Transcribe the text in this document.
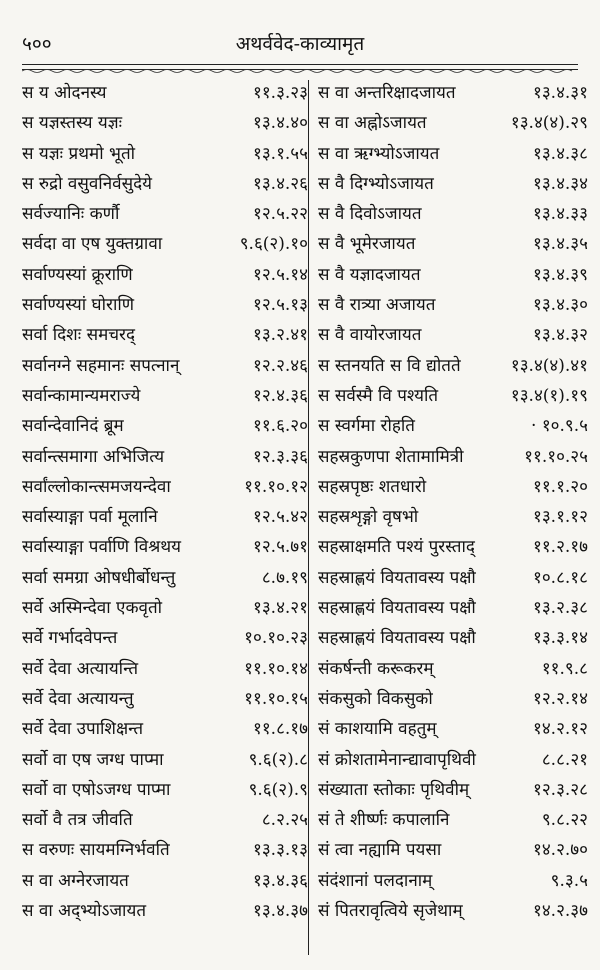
५००	अथर्ववेद-काव्यामृत
स य ओदनस्य	११.३.२३
स यज्ञस्तस्य यज्ञः	१३.४.४०
स यज्ञः प्रथमो भूतो	१३.१.५५
स रुद्रो वसुवनिर्वसुदेये	१३.४.२६
सर्वज्यानिः कर्णौ	१२.५.२२
सर्वदा वा एष युक्तग्रावा	९.६(२).१०
सर्वाण्यस्यां क्रूराणि	१२.५.१४
सर्वाण्यस्यां घोराणि	१२.५.१३
सर्वा दिशः समचरद्	१३.२.४१
सर्वानग्ने सहमानः सपत्नान्	१२.२.४६
सर्वान्कामान्यमराज्ये	१२.४.३६
सर्वान्देवानिदं ब्रूम	११.६.२०
सर्वान्त्समागा अभिजित्य	१२.३.३६
सर्वांल्लोकान्त्समजयन्देवा	११.१०.१२
सर्वास्याङ्गा पर्वा मूलानि	१२.५.४२
सर्वास्याङ्गा पर्वाणि विश्रथय	१२.५.७१
सर्वा समग्रा ओषधीर्बोधन्तु	८.७.१९
सर्वे अस्मिन्देवा एकवृतो	१३.४.२१
सर्वे गर्भादवेपन्त	१०.१०.२३
सर्वे देवा अत्यायन्ति	११.१०.१४
सर्वे देवा अत्यायन्तु	११.१०.१५
सर्वे देवा उपाशिक्षन्त	११.८.१७
सर्वो वा एष जग्ध पाप्मा	९.६(२).८
सर्वो वा एषोऽजग्ध पाप्मा	९.६(२).९
सर्वो वै तत्र जीवति	८.२.२५
स वरुणः सायमग्निर्भवति	१३.३.१३
स वा अग्नेरजायत	१३.४.३६
स वा अद्भ्योऽजायत	१३.४.३७
स वा अन्तरिक्षादजायत	१३.४.३१
स वा अह्नोऽजायत	१३.४(४).२९
स वा ऋग्भ्योऽजायत	१३.४.३८
स वै दिग्भ्योऽजायत	१३.४.३४
स वै दिवोऽजायत	१३.४.३३
स वै भूमेरजायत	१३.४.३५
स वै यज्ञादजायत	१३.४.३९
स वै रात्र्या अजायत	१३.४.३०
स वै वायोरजायत	१३.४.३२
स स्तनयति स वि द्योतते	१३.४(४).४१
स सर्वस्मै वि पश्यति	१३.४(१).१९
स स्वर्गमा रोहति	· १०.९.५
सहस्रकुणपा शेतामामित्री	११.१०.२५
सहस्रपृष्ठः शतधारो	११.१.२०
सहस्रशृङ्गो वृषभो	१३.१.१२
सहस्राक्षमति पश्यं पुरस्ताद्	११.२.१७
सहस्राह्णयं वियतावस्य पक्षौ	१०.८.१८
सहस्राह्णयं वियतावस्य पक्षौ	१३.२.३८
सहस्राह्णयं वियतावस्य पक्षौ	१३.३.१४
संकर्षन्ती करूकरम्	११.९.८
संकसुको विकसुको	१२.२.१४
सं काशयामि वहतुम्	१४.२.१२
सं क्रोशतामेनान्द्यावापृथिवी	८.८.२१
संख्याता स्तोकाः पृथिवीम्	१२.३.२८
सं ते शीर्ष्णः कपालानि	९.८.२२
सं त्वा नह्यामि पयसा	१४.२.७०
संदंशानां पलदानाम्	९.३.५
सं पितरावृत्विये सृजेथाम्	१४.२.३७
